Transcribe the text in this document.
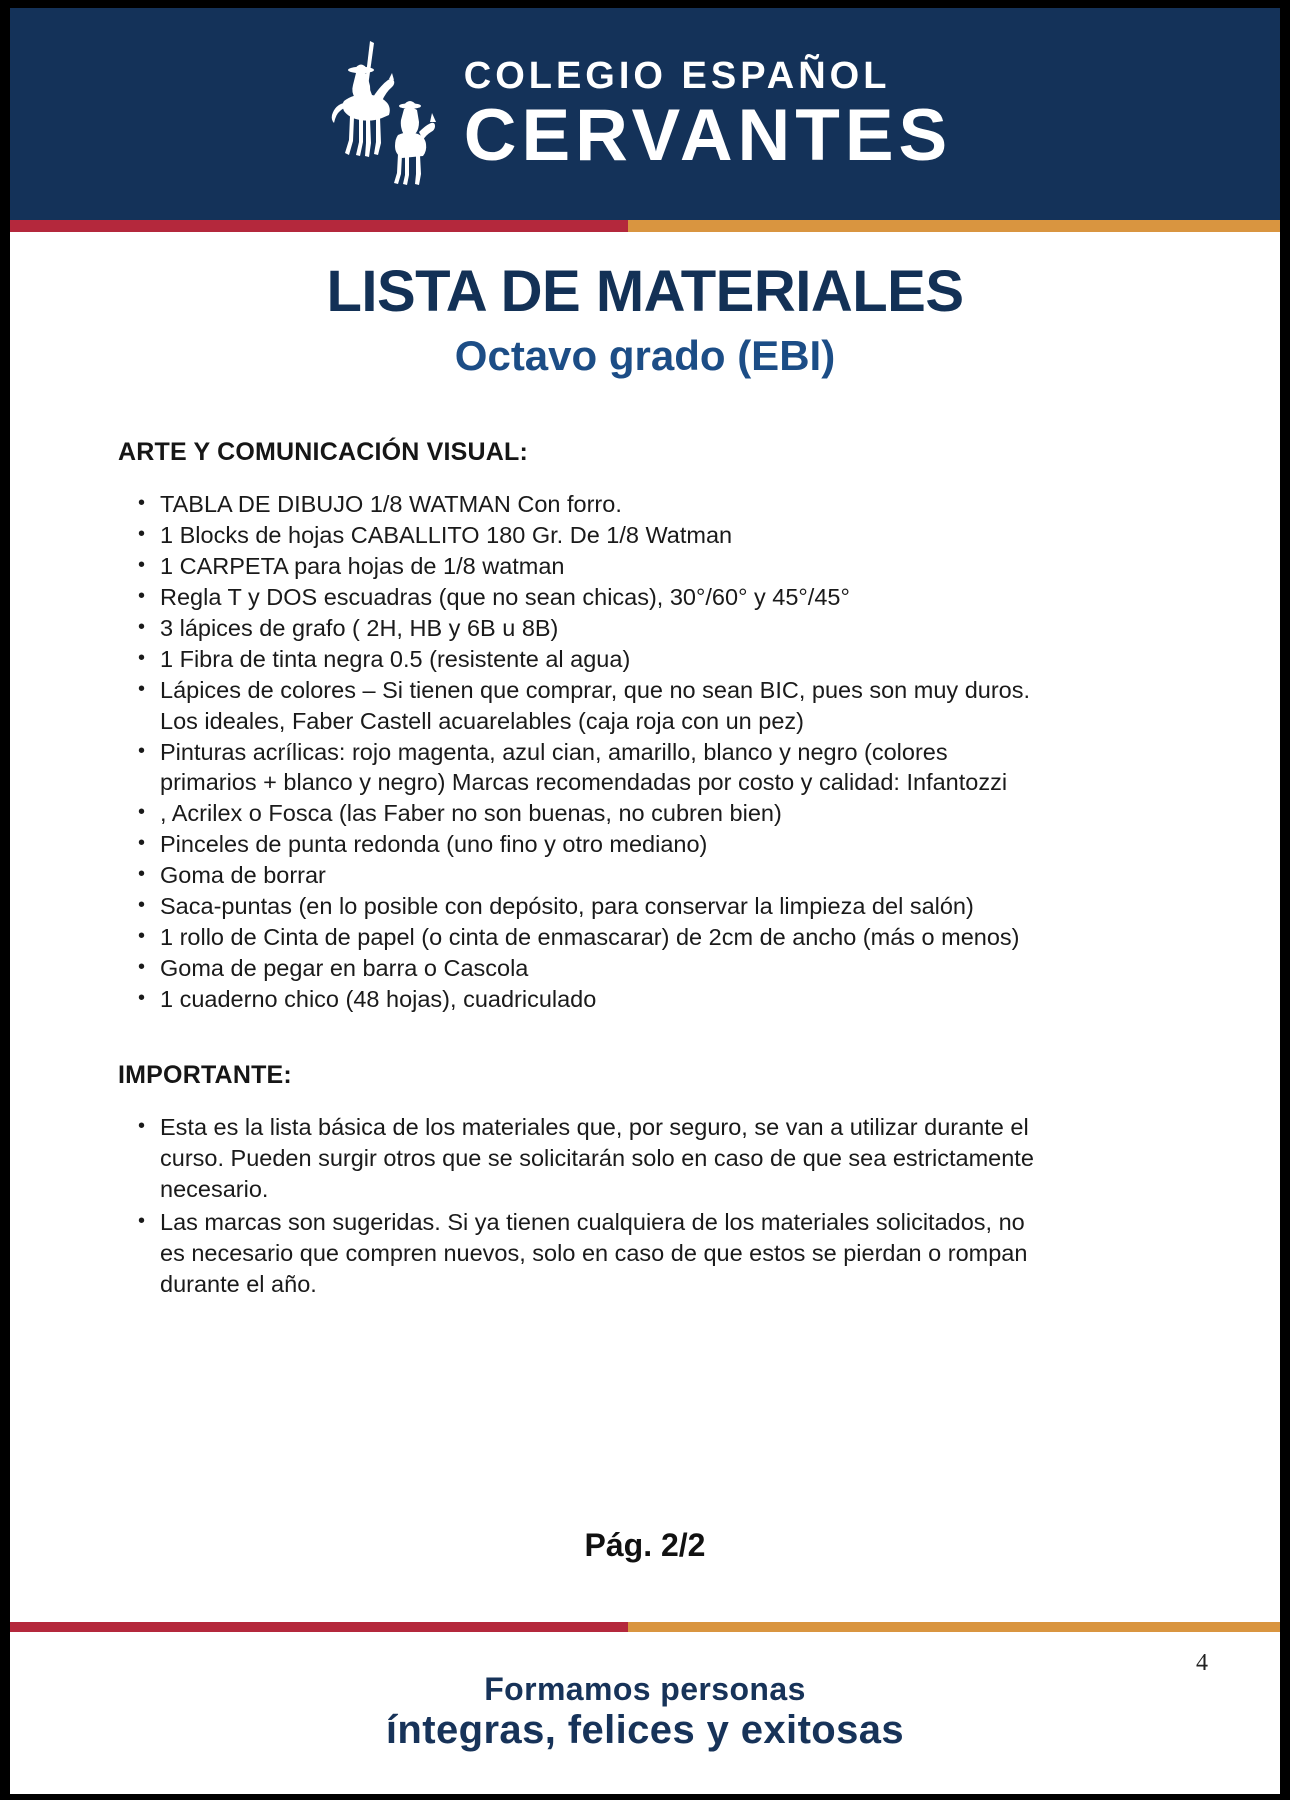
COLEGIO ESPAÑOL
CERVANTES
LISTA DE MATERIALES
Octavo grado (EBI)
ARTE Y COMUNICACIÓN VISUAL:
• TABLA DE DIBUJO 1/8 WATMAN Con forro.
• 1 Blocks de hojas CABALLITO 180 Gr. De 1/8 Watman
• 1 CARPETA para hojas de 1/8 watman
• Regla T y DOS escuadras (que no sean chicas), 30°/60° y 45°/45°
• 3 lápices de grafo ( 2H, HB y 6B u 8B)
• 1 Fibra de tinta negra 0.5 (resistente al agua)
• Lápices de colores – Si tienen que comprar, que no sean BIC, pues son muy duros. Los ideales, Faber Castell acuarelables (caja roja con un pez)
• Pinturas acrílicas: rojo magenta, azul cian, amarillo, blanco y negro (colores primarios + blanco y negro) Marcas recomendadas por costo y calidad: Infantozzi
• , Acrilex o Fosca (las Faber no son buenas, no cubren bien)
• Pinceles de punta redonda (uno fino y otro mediano)
• Goma de borrar
• Saca-puntas (en lo posible con depósito, para conservar la limpieza del salón)
• 1 rollo de Cinta de papel (o cinta de enmascarar) de 2cm de ancho (más o menos)
• Goma de pegar en barra o Cascola
• 1 cuaderno chico (48 hojas), cuadriculado
IMPORTANTE:
• Esta es la lista básica de los materiales que, por seguro, se van a utilizar durante el curso. Pueden surgir otros que se solicitarán solo en caso de que sea estrictamente necesario.
• Las marcas son sugeridas. Si ya tienen cualquiera de los materiales solicitados, no es necesario que compren nuevos, solo en caso de que estos se pierdan o rompan durante el año.
Pág. 2/2
4
Formamos personas
íntegras, felices y exitosas
